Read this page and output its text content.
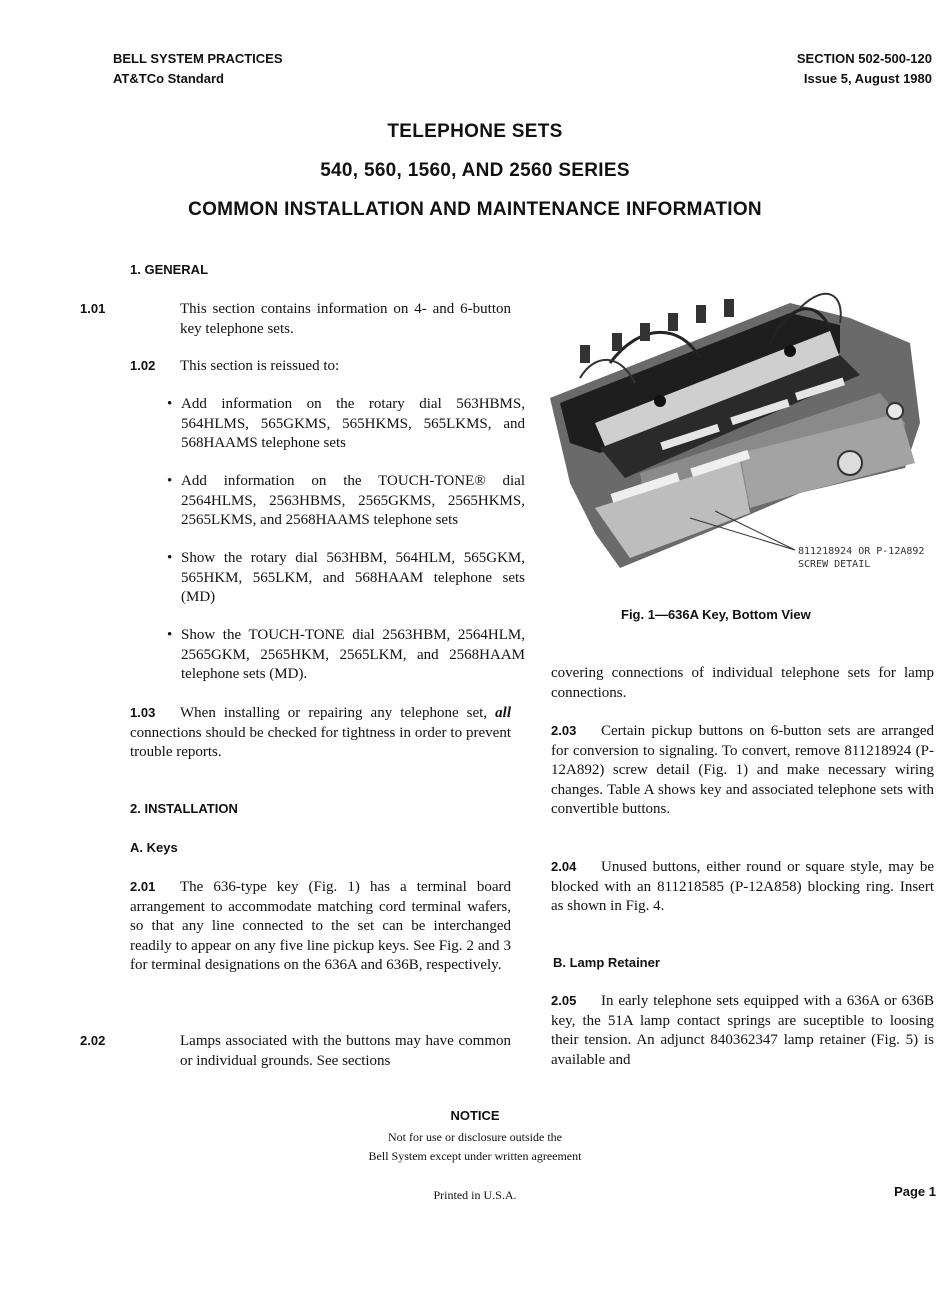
BELL SYSTEM PRACTICES
AT&TCo Standard
SECTION 502-500-120
Issue 5, August 1980
TELEPHONE SETS
540, 560, 1560, AND 2560 SERIES
COMMON INSTALLATION AND MAINTENANCE INFORMATION
1. GENERAL
1.01	This section contains information on 4- and 6-button key telephone sets.
1.02 This section is reissued to:
• Add information on the rotary dial 563HBMS, 564HLMS, 565GKMS, 565HKMS, 565LKMS, and 568HAAMS telephone sets
• Add information on the TOUCH-TONE® dial 2564HLMS, 2563HBMS, 2565GKMS, 2565HKMS, 2565LKMS, and 2568HAAMS telephone sets
• Show the rotary dial 563HBM, 564HLM, 565GKM, 565HKM, 565LKM, and 568HAAM telephone sets (MD)
• Show the TOUCH-TONE dial 2563HBM, 2564HLM, 2565GKM, 2565HKM, 2565LKM, and 2568HAAM telephone sets (MD).
1.03 When installing or repairing any telephone set, all connections should be checked for tightness in order to prevent trouble reports.
2. INSTALLATION
A. Keys
2.01 The 636-type key (Fig. 1) has a terminal board arrangement to accommodate matching cord terminal wafers, so that any line connected to the set can be interchanged readily to appear on any five line pickup keys. See Fig. 2 and 3 for terminal designations on the 636A and 636B, respectively.
2.02	Lamps associated with the buttons may have common or individual grounds. See sections
811218924 OR P-12A892
SCREW DETAIL
Fig. 1—636A Key, Bottom View
covering connections of individual telephone sets for lamp connections.
2.03 Certain pickup buttons on 6-button sets are arranged for conversion to signaling. To convert, remove 811218924 (P-12A892) screw detail (Fig. 1) and make necessary wiring changes. Table A shows key and associated telephone sets with convertible buttons.
2.04 Unused buttons, either round or square style, may be blocked with an 811218585 (P-12A858) blocking ring. Insert as shown in Fig. 4.
B. Lamp Retainer
2.05 In early telephone sets equipped with a 636A or 636B key, the 51A lamp contact springs are suceptible to loosing their tension. An adjunct 840362347 lamp retainer (Fig. 5) is available and
NOTICE
Not for use or disclosure outside the
Bell System except under written agreement
Printed in U.S.A.	Page 1
